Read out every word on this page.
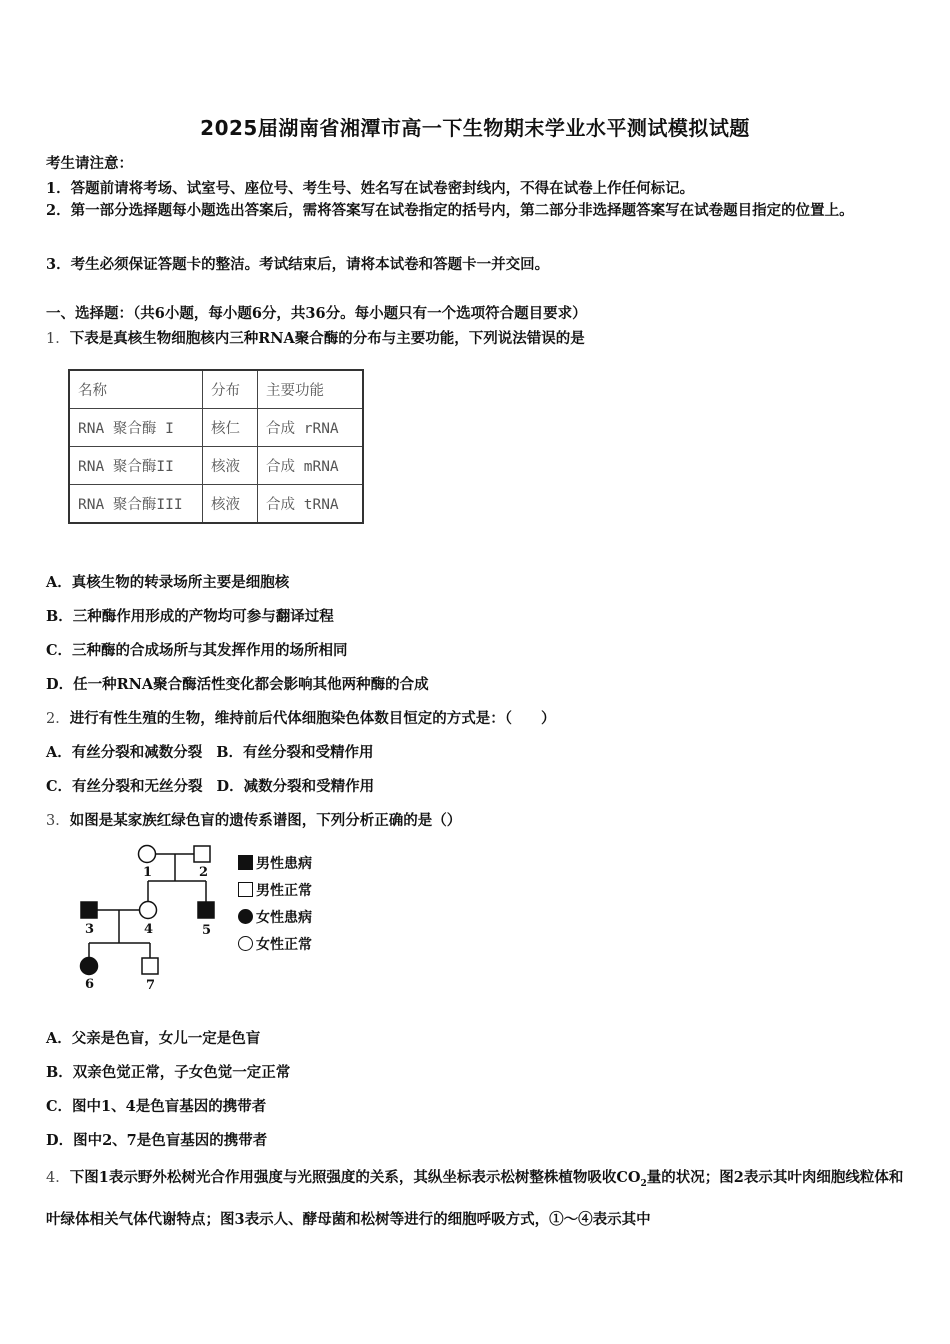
2025届湖南省湘潭市高一下生物期末学业水平测试模拟试题
考生请注意：
1．答题前请将考场、试室号、座位号、考生号、姓名写在试卷密封线内，不得在试卷上作任何标记。
2．第一部分选择题每小题选出答案后，需将答案写在试卷指定的括号内，第二部分非选择题答案写在试卷题目指定的位置上。
3．考生必须保证答题卡的整洁。考试结束后，请将本试卷和答题卡一并交回。
一、选择题：（共6小题，每小题6分，共36分。每小题只有一个选项符合题目要求）
1．下表是真核生物细胞核内三种RNA聚合酶的分布与主要功能，下列说法错误的是
名称	分布	主要功能
RNA 聚合酶 I	核仁	合成 rRNA
RNA 聚合酶II	核液	合成 mRNA
RNA 聚合酶III	核液	合成 tRNA
A．真核生物的转录场所主要是细胞核
B．三种酶作用形成的产物均可参与翻译过程
C．三种酶的合成场所与其发挥作用的场所相同
D．任一种RNA聚合酶活性变化都会影响其他两种酶的合成
2．进行有性生殖的生物，维持前后代体细胞染色体数目恒定的方式是：（　　）
A．有丝分裂和减数分裂 B．有丝分裂和受精作用
C．有丝分裂和无丝分裂 D．减数分裂和受精作用
3．如图是某家族红绿色盲的遗传系谱图，下列分析正确的是（）
1	2
3	4	5
6	7
男性患病
男性正常
女性患病
女性正常
A．父亲是色盲，女儿一定是色盲
B．双亲色觉正常，子女色觉一定正常
C．图中1、4是色盲基因的携带者
D．图中2、7是色盲基因的携带者
4．下图1表示野外松树光合作用强度与光照强度的关系，其纵坐标表示松树整株植物吸收$CO_2$量的状况；图2表示其叶肉细胞线粒体和叶绿体相关气体代谢特点；图3表示人、酵母菌和松树等进行的细胞呼吸方式，①～④表示其中
